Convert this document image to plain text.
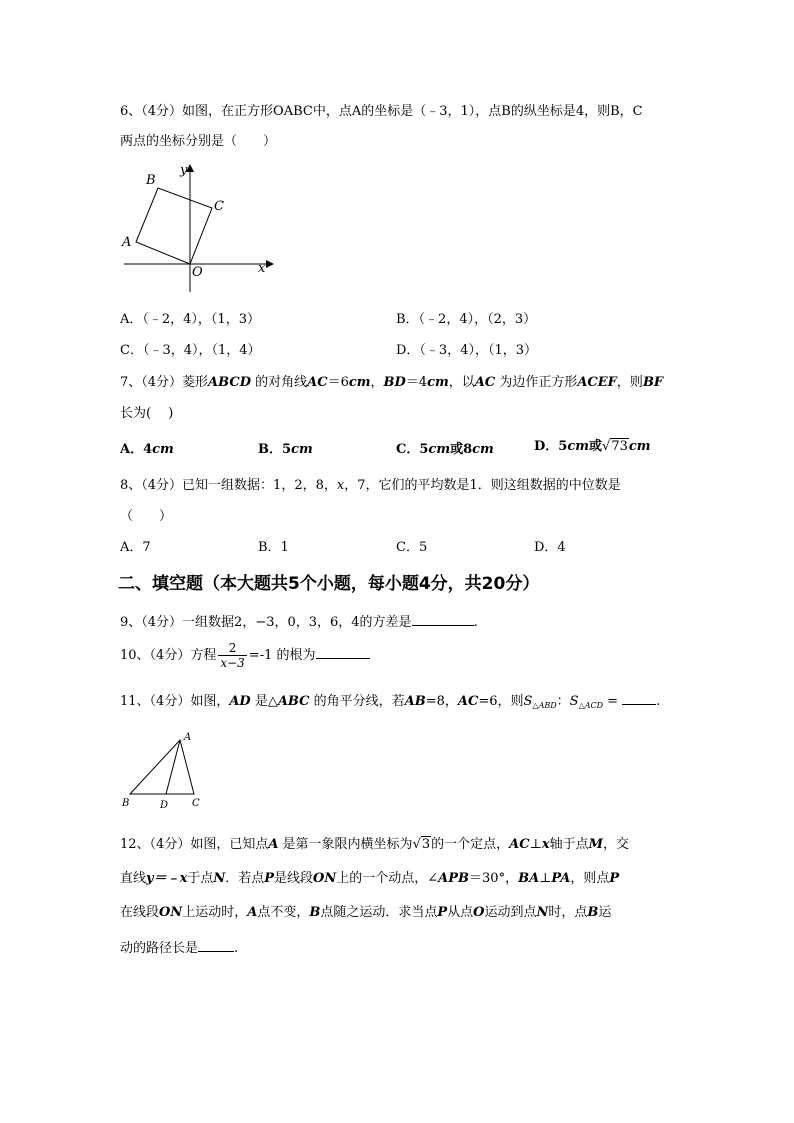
6、（4分）如图，在正方形OABC中，点A的坐标是（﹣3，1），点B的纵坐标是4，则B，C
两点的坐标分别是（　　）
y
x
B
C
A
O
A．（﹣2，4），（1，3）	B．（﹣2，4），（2，3）
C．（﹣3，4），（1，4）	D．（﹣3，4），（1，3）
7、（4分）菱形ABCD 的对角线AC＝6cm，BD＝4cm，以AC 为边作正方形ACEF，则BF
长为(　 )
A．4cm	B．5cm	C．5cm或8cm	D．5cm或√73cm
8、（4分）已知一组数据：1，2，8，x，7，它们的平均数是1．则这组数据的中位数是
（　　）
A．7	B．1	C．5	D．4
二、填空题（本大题共5个小题，每小题4分，共20分）
9、（4分）一组数据2，−3，0，3，6，4的方差是	.
10、（4分）方程 $\frac{2}{x-3} =-1$ 的根为
11、（4分）如图，AD 是△ABC 的角平分线，若AB=8，AC=6，则$S_{\triangle ABD}$：$S_{\triangle ACD}$ =	.
A
B	D C
12、（4分）如图，已知点A 是第一象限内横坐标为√3的一个定点，AC⊥x轴于点M，交
直线y＝﹣x于点N．若点P是线段ON上的一个动点，∠APB＝30°，BA⊥PA，则点P
在线段ON上运动时，A点不变，B点随之运动．求当点P从点O运动到点N时，点B运
动的路径长是	.
